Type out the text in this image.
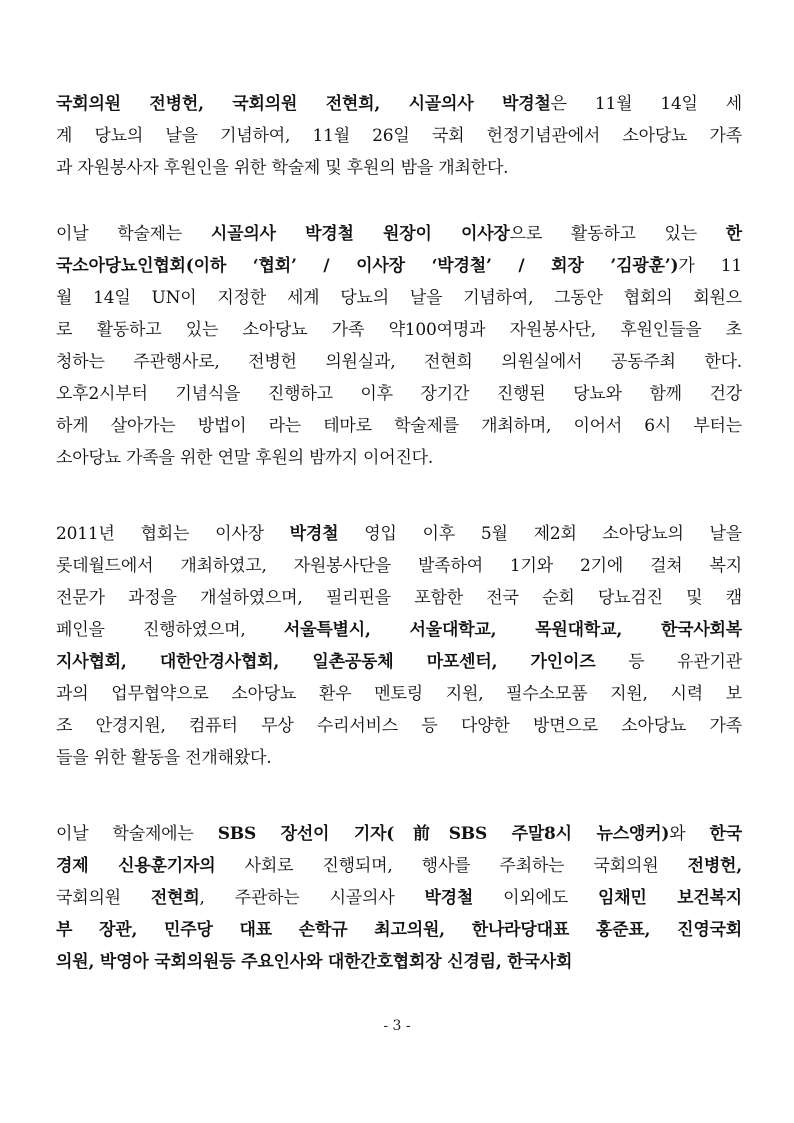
국회의원 전병헌, 국회의원 전현희, 시골의사 박경철은 11월 14일 세
계 당뇨의 날을 기념하여, 11월 26일 국회 헌정기념관에서 소아당뇨 가족
과 자원봉사자 후원인을 위한 학술제 및 후원의 밤을 개최한다.
이날 학술제는 시골의사 박경철 원장이 이사장으로 활동하고 있는 한
국소아당뇨인협회(이하 ‘협회’ / 이사장 ‘박경철’ / 회장 ’김광훈’)가 11
월 14일 UN이 지정한 세계 당뇨의 날을 기념하여, 그동안 협회의 회원으
로 활동하고 있는 소아당뇨 가족 약100여명과 자원봉사단, 후원인들을 초
청하는 주관행사로, 전병헌 의원실과, 전현희 의원실에서 공동주최 한다.
오후2시부터 기념식을 진행하고 이후 장기간 진행된 당뇨와 함께 건강
하게 살아가는 방법이 라는 테마로 학술제를 개최하며, 이어서 6시 부터는
소아당뇨 가족을 위한 연말 후원의 밤까지 이어진다.
2011년 협회는 이사장 박경철 영입 이후 5월 제2회 소아당뇨의 날을
롯데월드에서 개최하였고, 자원봉사단을 발족하여 1기와 2기에 걸쳐 복지
전문가 과정을 개설하였으며, 필리핀을 포함한 전국 순회 당뇨검진 및 캠
페인을 진행하였으며, 서울특별시, 서울대학교, 목원대학교, 한국사회복
지사협회, 대한안경사협회, 일촌공동체 마포센터, 가인이즈 등 유관기관
과의 업무협약으로 소아당뇨 환우 멘토링 지원, 필수소모품 지원, 시력 보
조 안경지원, 컴퓨터 무상 수리서비스 등 다양한 방면으로 소아당뇨 가족
들을 위한 활동을 전개해왔다.
이날 학술제에는 SBS 장선이 기자(前SBS 주말8시 뉴스앵커)와 한국
경제 신용훈기자의 사회로 진행되며, 행사를 주최하는 국회의원 전병헌,
국회의원 전현희, 주관하는 시골의사 박경철 이외에도 임채민 보건복지
부 장관, 민주당 대표 손학규 최고의원, 한나라당대표 홍준표, 진영국회
의원, 박영아 국회의원등 주요인사와 대한간호협회장 신경림, 한국사회
- 3 -
